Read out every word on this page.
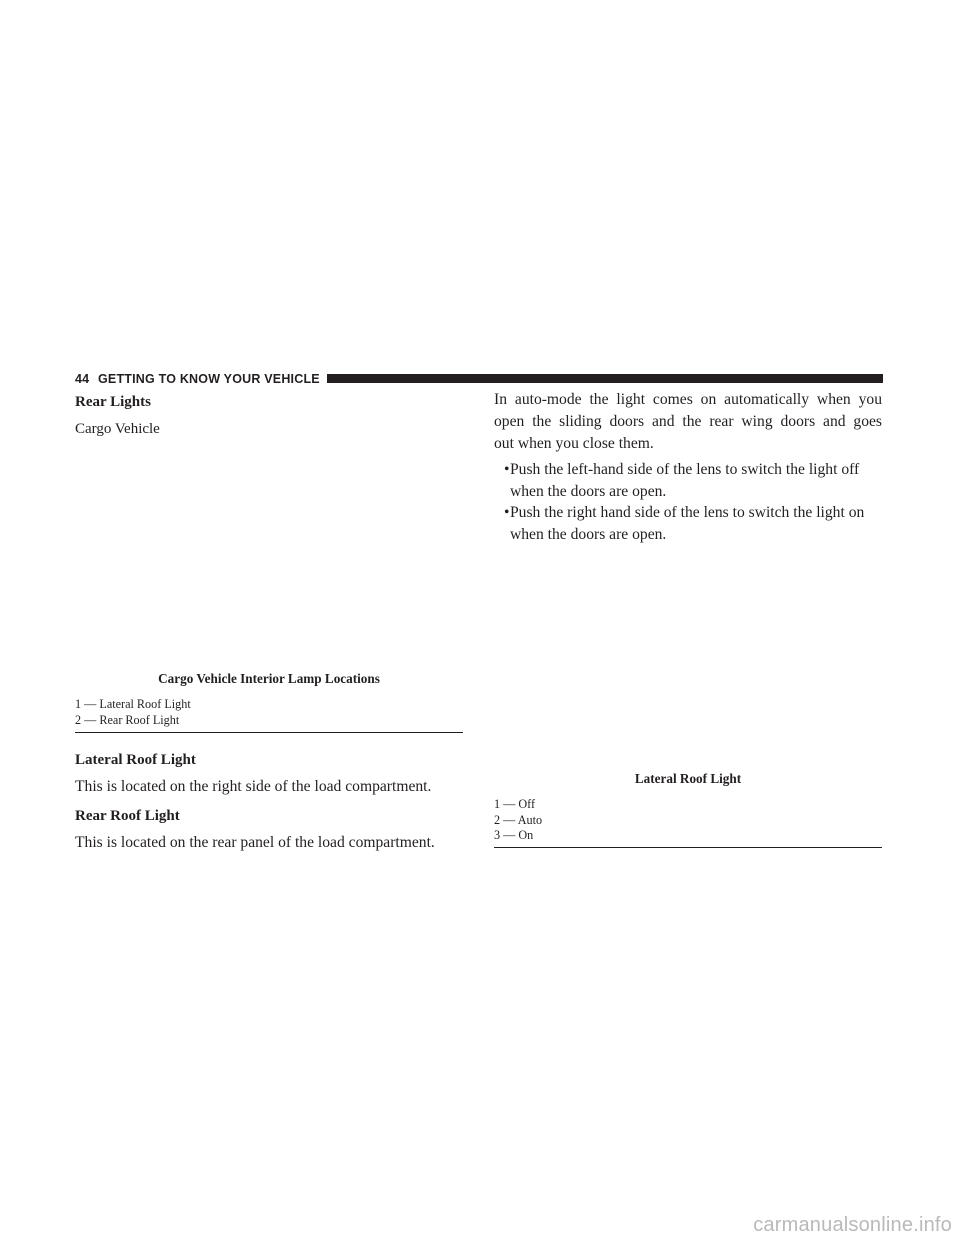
44 GETTING TO KNOW YOUR VEHICLE
Rear Lights
Cargo Vehicle
Cargo Vehicle Interior Lamp Locations
1 — Lateral Roof Light
2 — Rear Roof Light
Lateral Roof Light
This is located on the right side of the load compartment.
Rear Roof Light
This is located on the rear panel of the load compartment.
In auto-mode the light comes on automatically when you
open the sliding doors and the rear wing doors and goes
out when you close them.
• Push the left-hand side of the lens to switch the light off
when the doors are open.
• Push the right hand side of the lens to switch the light on
when the doors are open.
Lateral Roof Light
1 — Off
2 — Auto
3 — On
carmanualsonline.info
